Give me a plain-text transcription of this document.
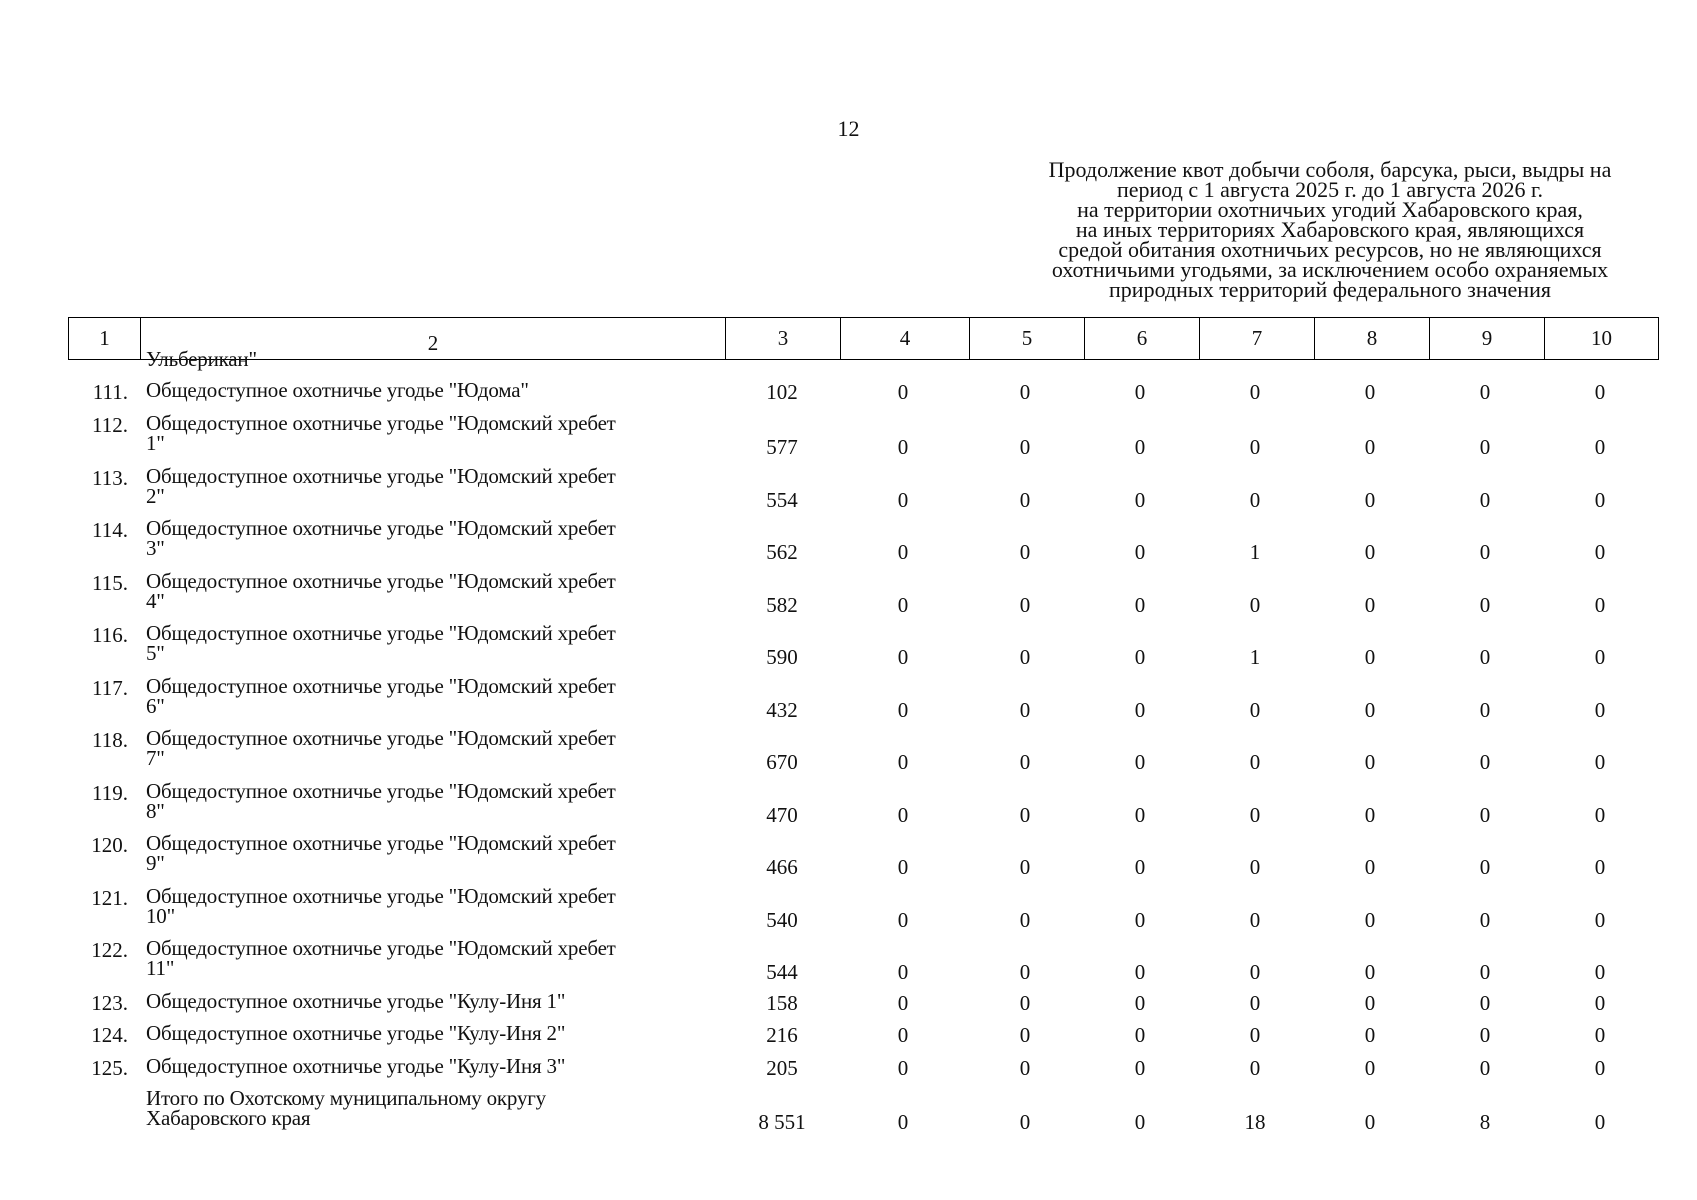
12
Продолжение квот добычи соболя, барсука, рыси, выдры на
период с 1 августа 2025 г. до 1 августа 2026 г.
на территории охотничьих угодий Хабаровского края,
на иных территориях Хабаровского края, являющихся
средой обитания охотничьих ресурсов, но не являющихся
охотничьими угодьями, за исключением особо охраняемых
природных территорий федерального значения
1	2	3	4	5	6	7	8	9	10
Ульберикан"
111. Общедоступное охотничье угодье "Юдома"	102	0	0	0	0	0	0	0
112. Общедоступное охотничье угодье "Юдомский хребет
1"	577	0	0	0	0	0	0	0
113. Общедоступное охотничье угодье "Юдомский хребет
2"	554	0	0	0	0	0	0	0
114. Общедоступное охотничье угодье "Юдомский хребет
3"	562	0	0	0	1	0	0	0
115. Общедоступное охотничье угодье "Юдомский хребет
4"	582	0	0	0	0	0	0	0
116. Общедоступное охотничье угодье "Юдомский хребет
5"	590	0	0	0	1	0	0	0
117. Общедоступное охотничье угодье "Юдомский хребет
6"	432	0	0	0	0	0	0	0
118. Общедоступное охотничье угодье "Юдомский хребет
7"	670	0	0	0	0	0	0	0
119. Общедоступное охотничье угодье "Юдомский хребет
8"	470	0	0	0	0	0	0	0
120. Общедоступное охотничье угодье "Юдомский хребет
9"	466	0	0	0	0	0	0	0
121. Общедоступное охотничье угодье "Юдомский хребет
10"	540	0	0	0	0	0	0	0
122. Общедоступное охотничье угодье "Юдомский хребет
11"	544	0	0	0	0	0	0	0
123. Общедоступное охотничье угодье "Кулу-Иня 1"	158	0	0	0	0	0	0	0
124. Общедоступное охотничье угодье "Кулу-Иня 2"	216	0	0	0	0	0	0	0
125. Общедоступное охотничье угодье "Кулу-Иня 3"	205	0	0	0	0	0	0	0
Итого по Охотскому муниципальному округу
Хабаровского края	8 551	0	0	0	18	0	8	0
